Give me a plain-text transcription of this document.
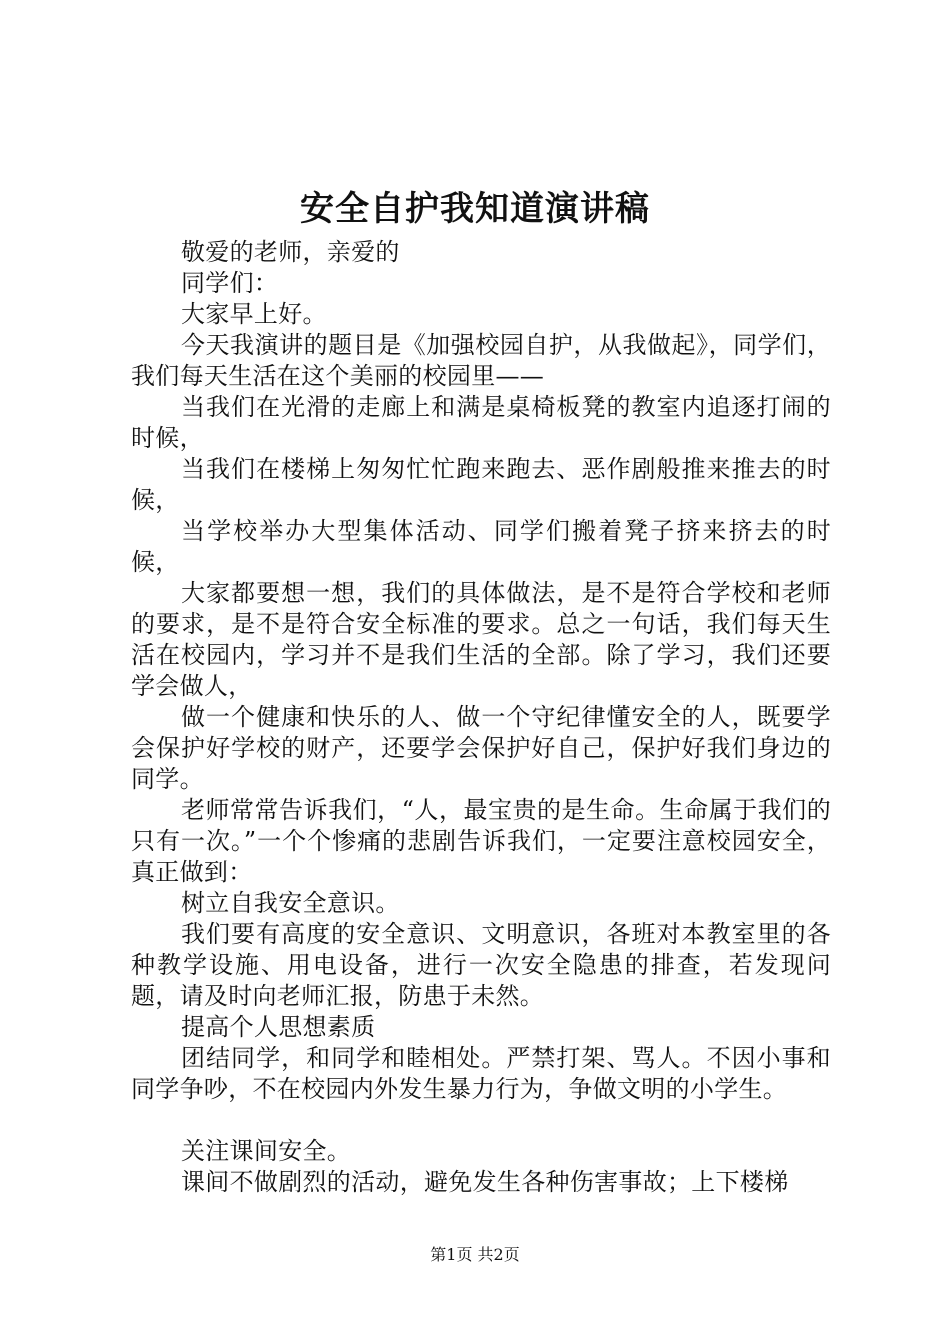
安全自护我知道演讲稿

敬爱的老师，亲爱的

同学们：

大家早上好。

今天我演讲的题目是《加强校园自护，从我做起》，同学们，我们每天生活在这个美丽的校园里——

当我们在光滑的走廊上和满是桌椅板凳的教室内追逐打闹的时候，

当我们在楼梯上匆匆忙忙跑来跑去、恶作剧般推来推去的时候，

当学校举办大型集体活动、同学们搬着凳子挤来挤去的时候，

大家都要想一想，我们的具体做法，是不是符合学校和老师的要求，是不是符合安全标准的要求。总之一句话，我们每天生活在校园内，学习并不是我们生活的全部。除了学习，我们还要学会做人，

做一个健康和快乐的人、做一个守纪律懂安全的人，既要学会保护好学校的财产，还要学会保护好自己，保护好我们身边的同学。

老师常常告诉我们，“人，最宝贵的是生命。生命属于我们的只有一次。”一个个惨痛的悲剧告诉我们，一定要注意校园安全，真正做到：

树立自我安全意识。

我们要有高度的安全意识、文明意识，各班对本教室里的各种教学设施、用电设备，进行一次安全隐患的排查，若发现问题，请及时向老师汇报，防患于未然。

提高个人思想素质

团结同学，和同学和睦相处。严禁打架、骂人。不因小事和同学争吵，不在校园内外发生暴力行为，争做文明的小学生。

关注课间安全。

课间不做剧烈的活动，避免发生各种伤害事故；上下楼梯

第1页 共2页
